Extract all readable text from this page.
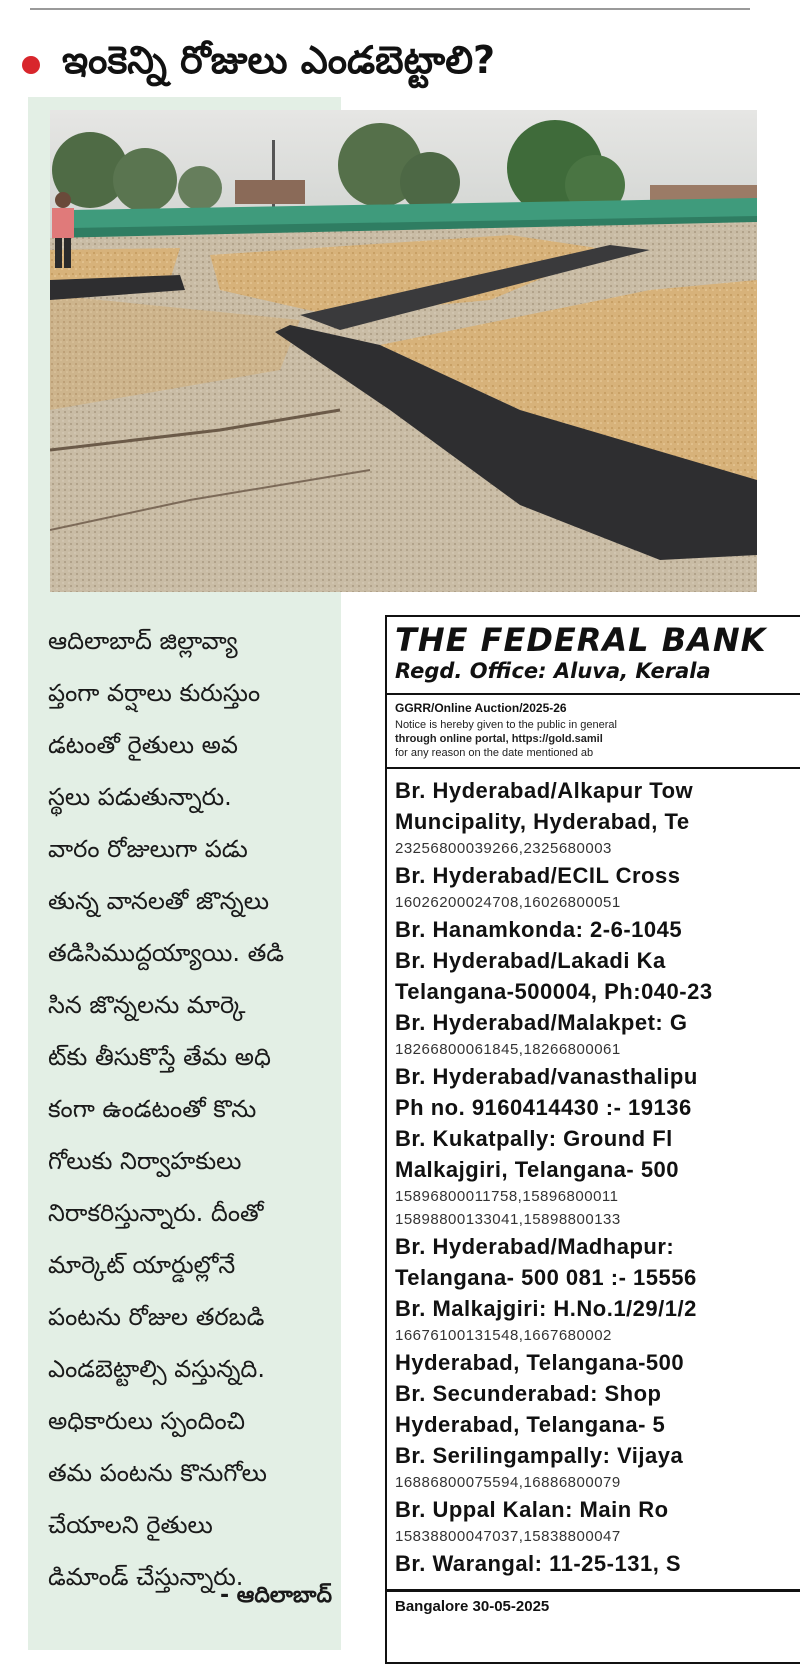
ఇంకెన్ని రోజులు ఎండబెట్టాలి?
ఆదిలాబాద్ జిల్లావ్యా
ప్తంగా వర్షాలు కురుస్తుం
డటంతో రైతులు అవ
స్థలు పడుతున్నారు.
వారం రోజులుగా పడు
తున్న వానలతో జొన్నలు
తడిసిముద్దయ్యాయి. తడి
సిన జొన్నలను మార్కె
ట్‌కు తీసుకొస్తే తేమ అధి
కంగా ఉండటంతో కొను
గోలుకు నిర్వాహకులు
నిరాకరిస్తున్నారు. దీంతో
మార్కెట్ యార్డుల్లోనే
పంటను రోజుల తరబడి
ఎండబెట్టాల్సి వస్తున్నది.
అధికారులు స్పందించి
తమ పంటను కొనుగోలు
చేయాలని రైతులు
డిమాండ్ చేస్తున్నారు.
- ఆదిలాబాద్
THE FEDERAL BANK
Regd. Office: Aluva, Kerala
GGRR/Online Auction/2025-26
Notice is hereby given to the public in general
through online portal, https://gold.samil
for any reason on the date mentioned ab
Br. Hyderabad/Alkapur Tow
Muncipality, Hyderabad, Te
23256800039266,2325680003
Br. Hyderabad/ECIL Cross
16026200024708,16026800051
Br. Hanamkonda: 2-6-1045
Br. Hyderabad/Lakadi Ka
Telangana-500004, Ph:040-23
Br. Hyderabad/Malakpet: G
18266800061845,18266800061
Br. Hyderabad/vanasthalipu
Ph no. 9160414430 :- 19136
Br. Kukatpally: Ground Fl
Malkajgiri, Telangana- 500
15896800011758,15896800011
15898800133041,15898800133
Br. Hyderabad/Madhapur:
Telangana- 500 081 :- 15556
Br. Malkajgiri: H.No.1/29/1/2
16676100131548,1667680002
Hyderabad, Telangana-500
Br. Secunderabad: Shop
Hyderabad, Telangana- 5
Br. Serilingampally: Vijaya
16886800075594,16886800079
Br. Uppal Kalan: Main Ro
15838800047037,15838800047
Br. Warangal: 11-25-131, S
Bangalore 30-05-2025
